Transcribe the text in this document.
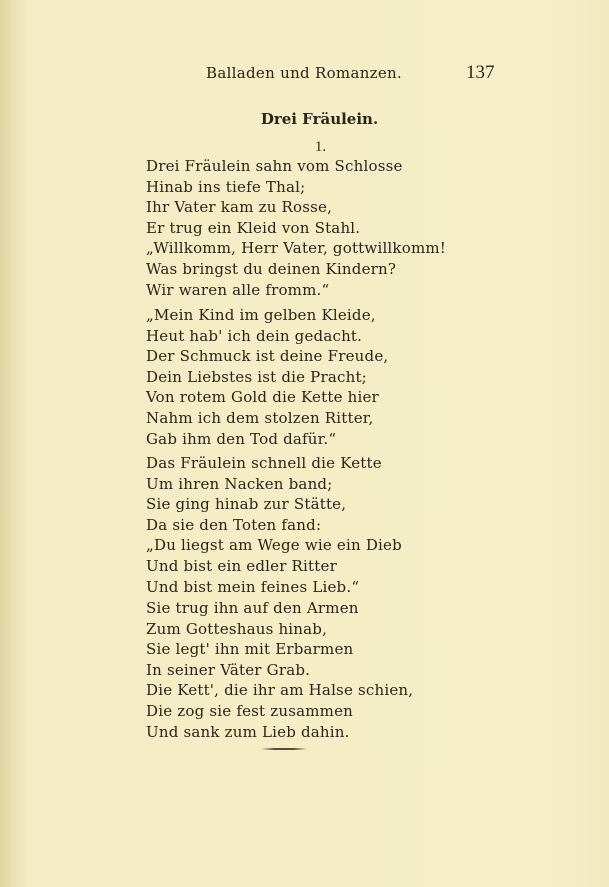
Balladen und Romanzen.	137
Drei Fräulein.
1.
Drei Fräulein sahn vom Schlosse
Hinab ins tiefe Thal;
Ihr Vater kam zu Rosse,
Er trug ein Kleid von Stahl.
„Willkomm, Herr Vater, gottwillkomm!
Was bringst du deinen Kindern?
Wir waren alle fromm.“
„Mein Kind im gelben Kleide,
Heut hab' ich dein gedacht.
Der Schmuck ist deine Freude,
Dein Liebstes ist die Pracht;
Von rotem Gold die Kette hier
Nahm ich dem stolzen Ritter,
Gab ihm den Tod dafür.“
Das Fräulein schnell die Kette
Um ihren Nacken band;
Sie ging hinab zur Stätte,
Da sie den Toten fand:
„Du liegst am Wege wie ein Dieb
Und bist ein edler Ritter
Und bist mein feines Lieb.“
Sie trug ihn auf den Armen
Zum Gotteshaus hinab,
Sie legt' ihn mit Erbarmen
In seiner Väter Grab.
Die Kett', die ihr am Halse schien,
Die zog sie fest zusammen
Und sank zum Lieb dahin.
